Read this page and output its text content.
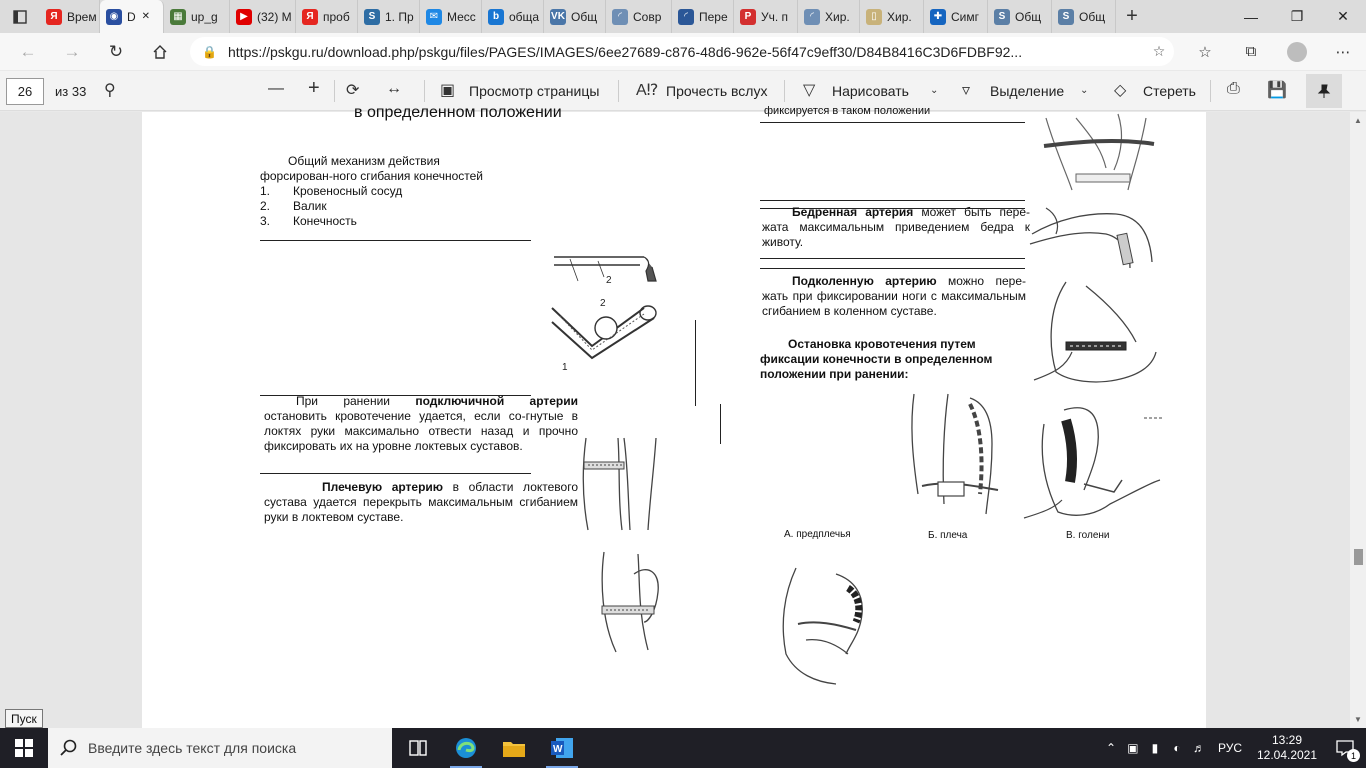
Я Врем	◉ D ✕	▦ up_g	▶ (32) M	Я проб	S 1. Пр	✉ Месс	b обща VK Общ	◜ Совр	◜ Пере	P Уч. п	◜ Хир.	▯ Хир.	✚ Симг	S Общ	S Общ +	—	❐	✕
← → ↻	🔒 https://pskgu.ru/download.php/pskgu/files/PAGES/IMAGES/6ee27689-c876-48d6-962e-56f47c9eff30/D84B8416C3D6FDBF92...	☆	☆	⧉	⋯
26	из 33 ⚲	— + ⟳ ↔ ▣ Просмотр страницы A⁉ Прочесть вслух ▽ Нарисовать ⌄ ▿ Выделение ⌄ ◇ Стереть ⎙ 💾
в определенном положении
Общий механизм действия форсирован-ного сгибания конечностей
1.	Кровеносный сосуд
2.	Валик
3.	Конечность
2
2
1
При ранении подключичной артерии остановить кровотечение удается, если со-гнутые в локтях руки максимально отвести назад и прочно фиксировать их на уровне локтевых суставов.
Плечевую артерию в области локтевого сустава удается перекрыть максимальным сгибанием руки в локтевом суставе.
фиксируется в таком положении
Бедренная артерия может быть пере-жата максимальным приведением бедра к животу.
Подколенную артерию можно пере-жать при фиксировании ноги с максимальным сгибанием в коленном суставе.
Остановка кровотечения путем фиксации конечности в определенном положении при ранении:
А. предплечья	Б. плеча	В. голени
▲
▼
Пуск
Введите здесь текст для поиска	W	⌃ ▣	▮	◐	♬	РУС
13:29
12.04.2021	1
